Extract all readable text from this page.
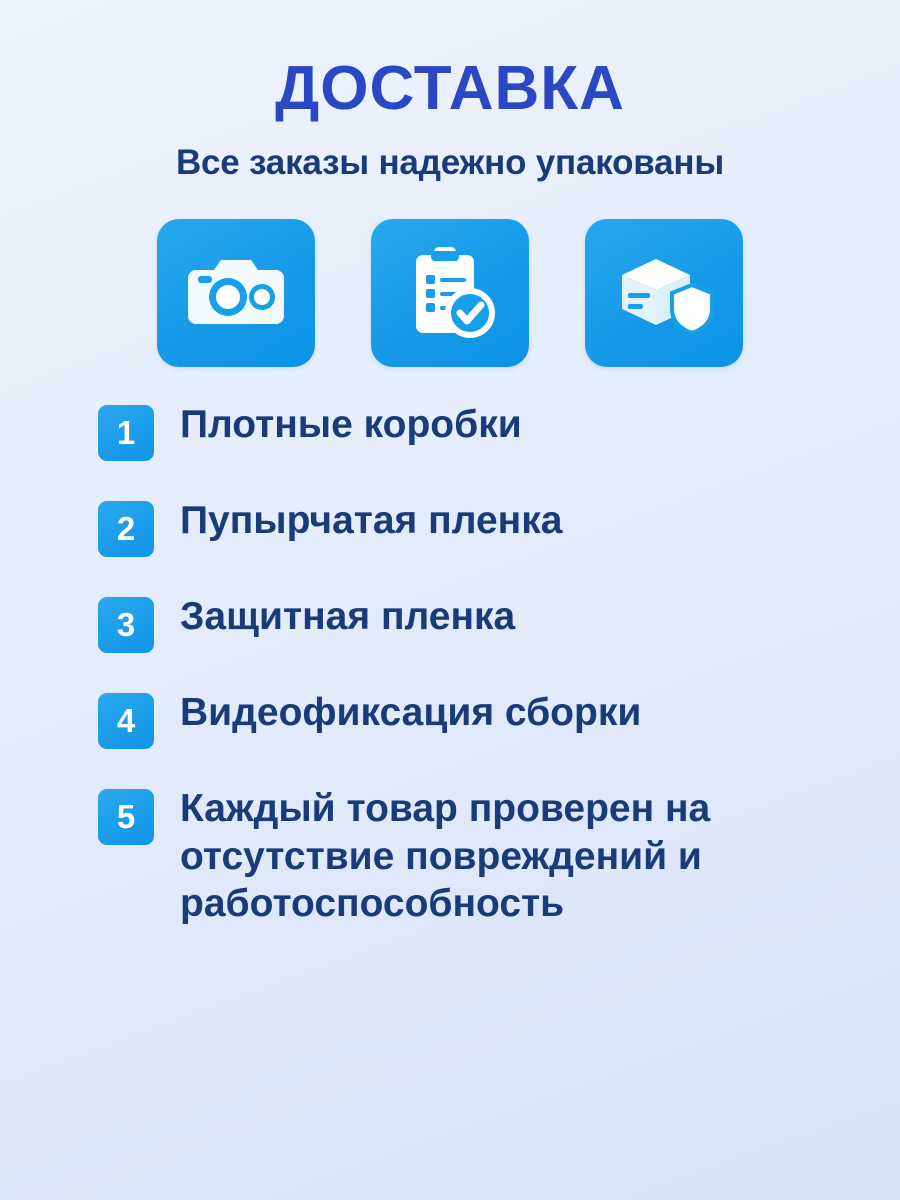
ДОСТАВКА

Все заказы надежно упакованы

1	Плотные коробки
2	Пупырчатая пленка
3	Защитная пленка
4	Видеофиксация сборки
5	Каждый товар проверен на отсутствие повреждений и работоспособность
